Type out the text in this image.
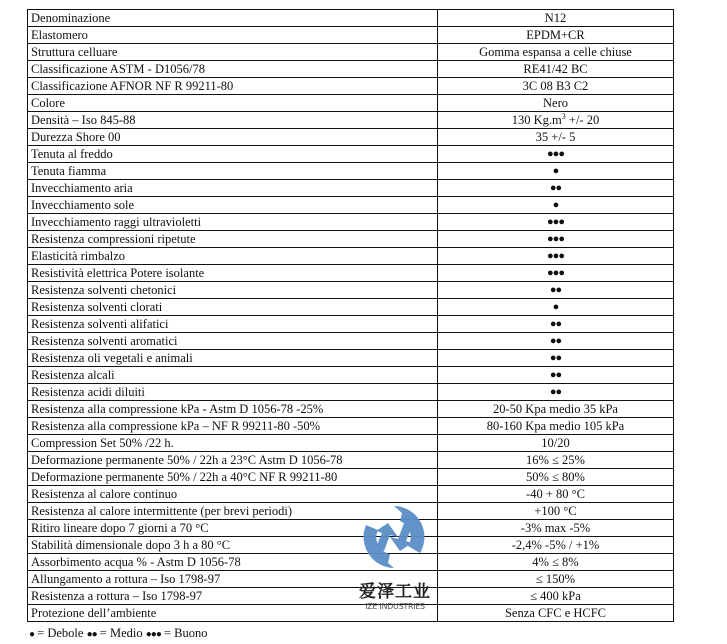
Denominazione	N12
Elastomero	EPDM+CR
Struttura celluare	Gomma espansa a celle chiuse
Classificazione ASTM - D1056/78	RE41/42 BC
Classificazione AFNOR NF R 99211-80	3C 08 B3 C2
Colore	Nero
Densità – Iso 845-88	130 $Kg.m^3$ +/- 20
Durezza Shore 00	35 +/- 5
Tenuta al freddo	●●●
Tenuta fiamma	●
Invecchiamento aria	●●
Invecchiamento sole	●
Invecchiamento raggi ultravioletti	●●●
Resistenza compressioni ripetute	●●●
Elasticità rimbalzo	●●●
Resistività elettrica Potere isolante	●●●
Resistenza solventi chetonici	●●
Resistenza solventi clorati	●
Resistenza solventi alifatici	●●
Resistenza solventi aromatici	●●
Resistenza oli vegetali e animali	●●
Resistenza alcali	●●
Resistenza acidi diluiti	●●
Resistenza alla compressione kPa - Astm D 1056-78 -25%	20-50 Kpa medio 35 kPa
Resistenza alla compressione kPa – NF R 99211-80 -50%	80-160 Kpa medio 105 kPa
Compression Set 50% /22 h.	10/20
Deformazione permanente 50% / 22h a 23°C Astm D 1056-78	16% ≤ 25%
Deformazione permanente 50% / 22h a 40°C NF R 99211-80	50% ≤ 80%
Resistenza al calore continuo	-40 + 80 °C
Resistenza al calore intermittente (per brevi periodi)	+100 °C
Ritiro lineare dopo 7 giorni a 70 °C	-3% max -5%
Stabilità dimensionale dopo 3 h a 80 °C	-2,4% -5% / +1%
Assorbimento acqua % - Astm D 1056-78	4% ≤ 8%
Allungamento a rottura – Iso 1798-97	≤ 150%
Resistenza a rottura – Iso 1798-97	≤ 400 kPa
Protezione dell’ambiente	Senza CFC e HCFC
● = Debole ●● = Medio ●●● = Buono
爱泽工业
IZE INDUSTRIES
